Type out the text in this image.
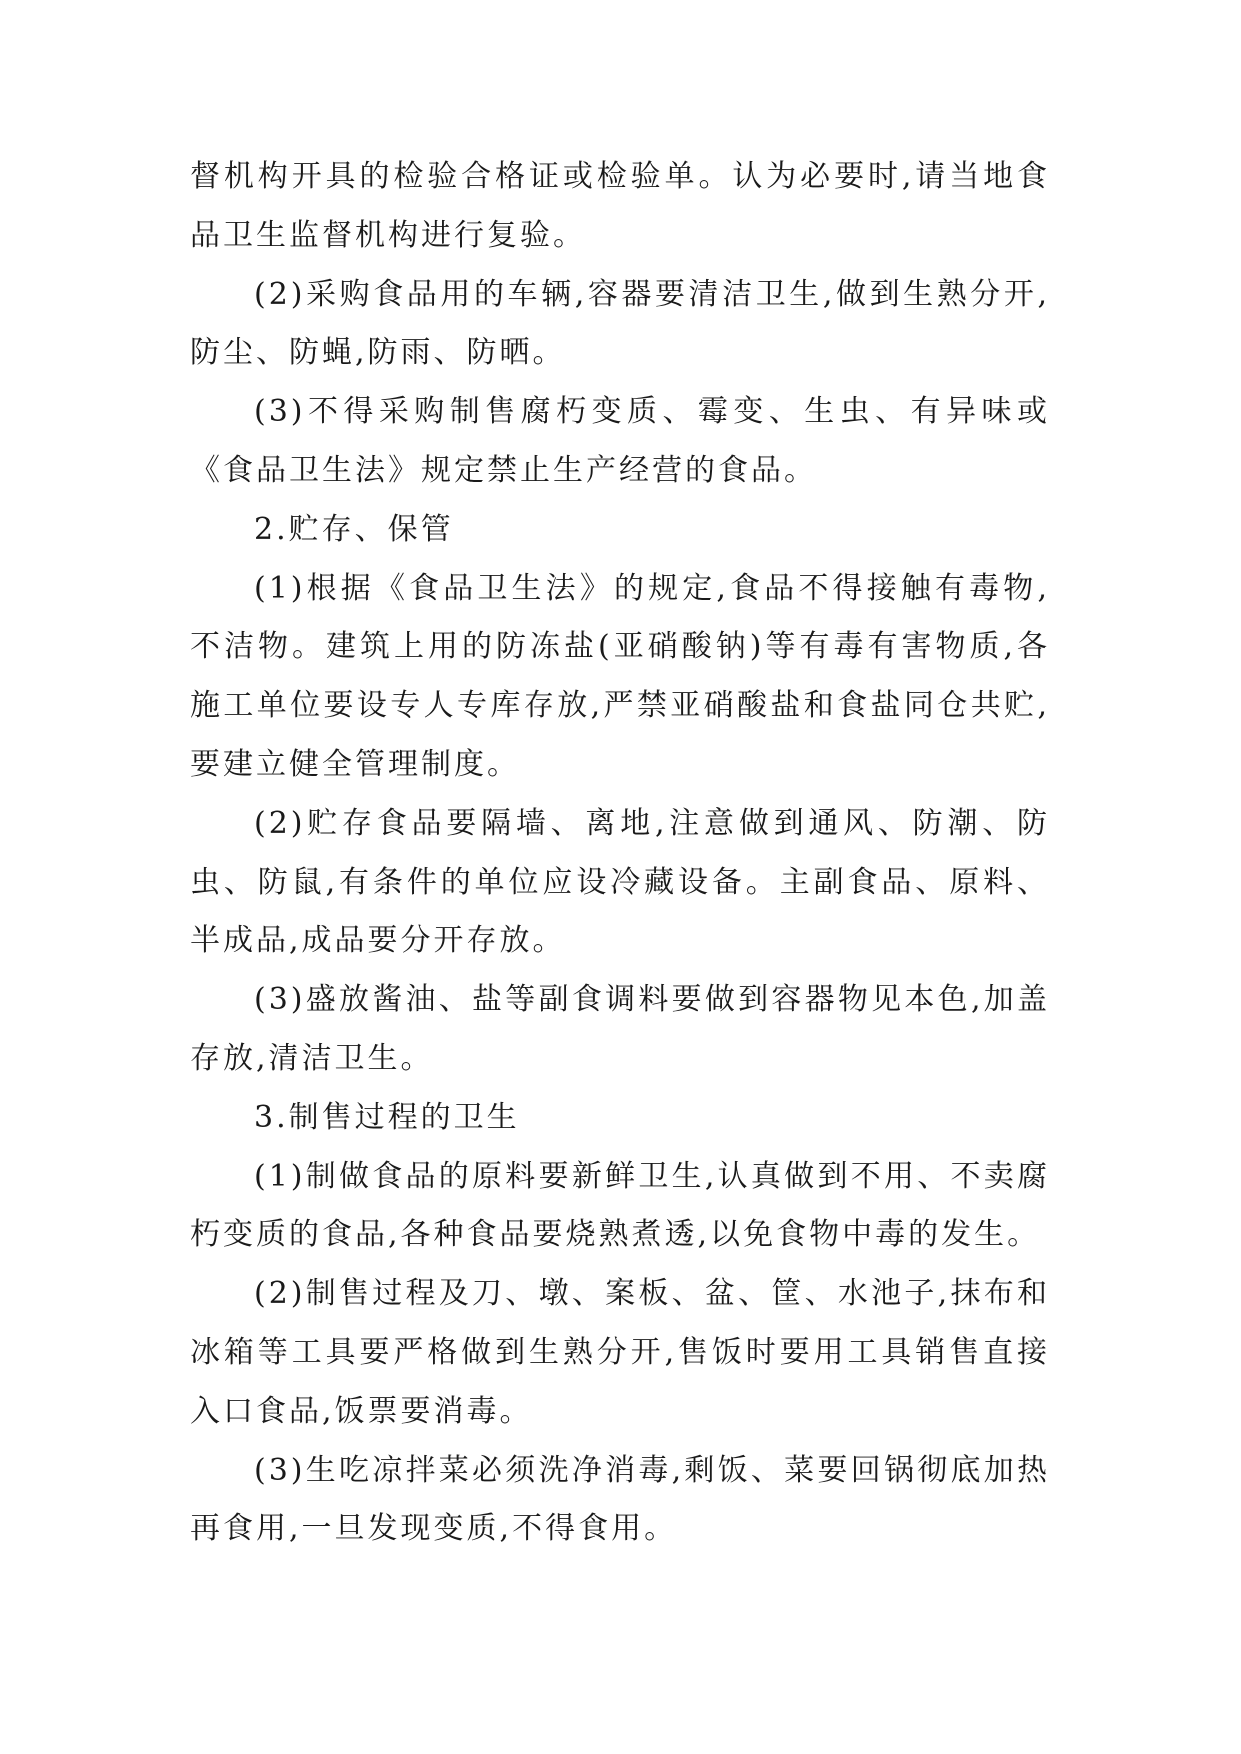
督机构开具的检验合格证或检验单。认为必要时,请当地食品卫生监督机构进行复验。

(2)采购食品用的车辆,容器要清洁卫生,做到生熟分开,防尘、防蝇,防雨、防晒。

(3)不得采购制售腐朽变质、霉变、生虫、有异味或《食品卫生法》规定禁止生产经营的食品。

2.贮存、保管

(1)根据《食品卫生法》的规定,食品不得接触有毒物,不洁物。建筑上用的防冻盐(亚硝酸钠)等有毒有害物质,各施工单位要设专人专库存放,严禁亚硝酸盐和食盐同仓共贮,要建立健全管理制度。

(2)贮存食品要隔墙、离地,注意做到通风、防潮、防虫、防鼠,有条件的单位应设冷藏设备。主副食品、原料、半成品,成品要分开存放。

(3)盛放酱油、盐等副食调料要做到容器物见本色,加盖存放,清洁卫生。

3.制售过程的卫生

(1)制做食品的原料要新鲜卫生,认真做到不用、不卖腐朽变质的食品,各种食品要烧熟煮透,以免食物中毒的发生。

(2)制售过程及刀、墩、案板、盆、筐、水池子,抹布和冰箱等工具要严格做到生熟分开,售饭时要用工具销售直接入口食品,饭票要消毒。

(3)生吃凉拌菜必须洗净消毒,剩饭、菜要回锅彻底加热再食用,一旦发现变质,不得食用。
